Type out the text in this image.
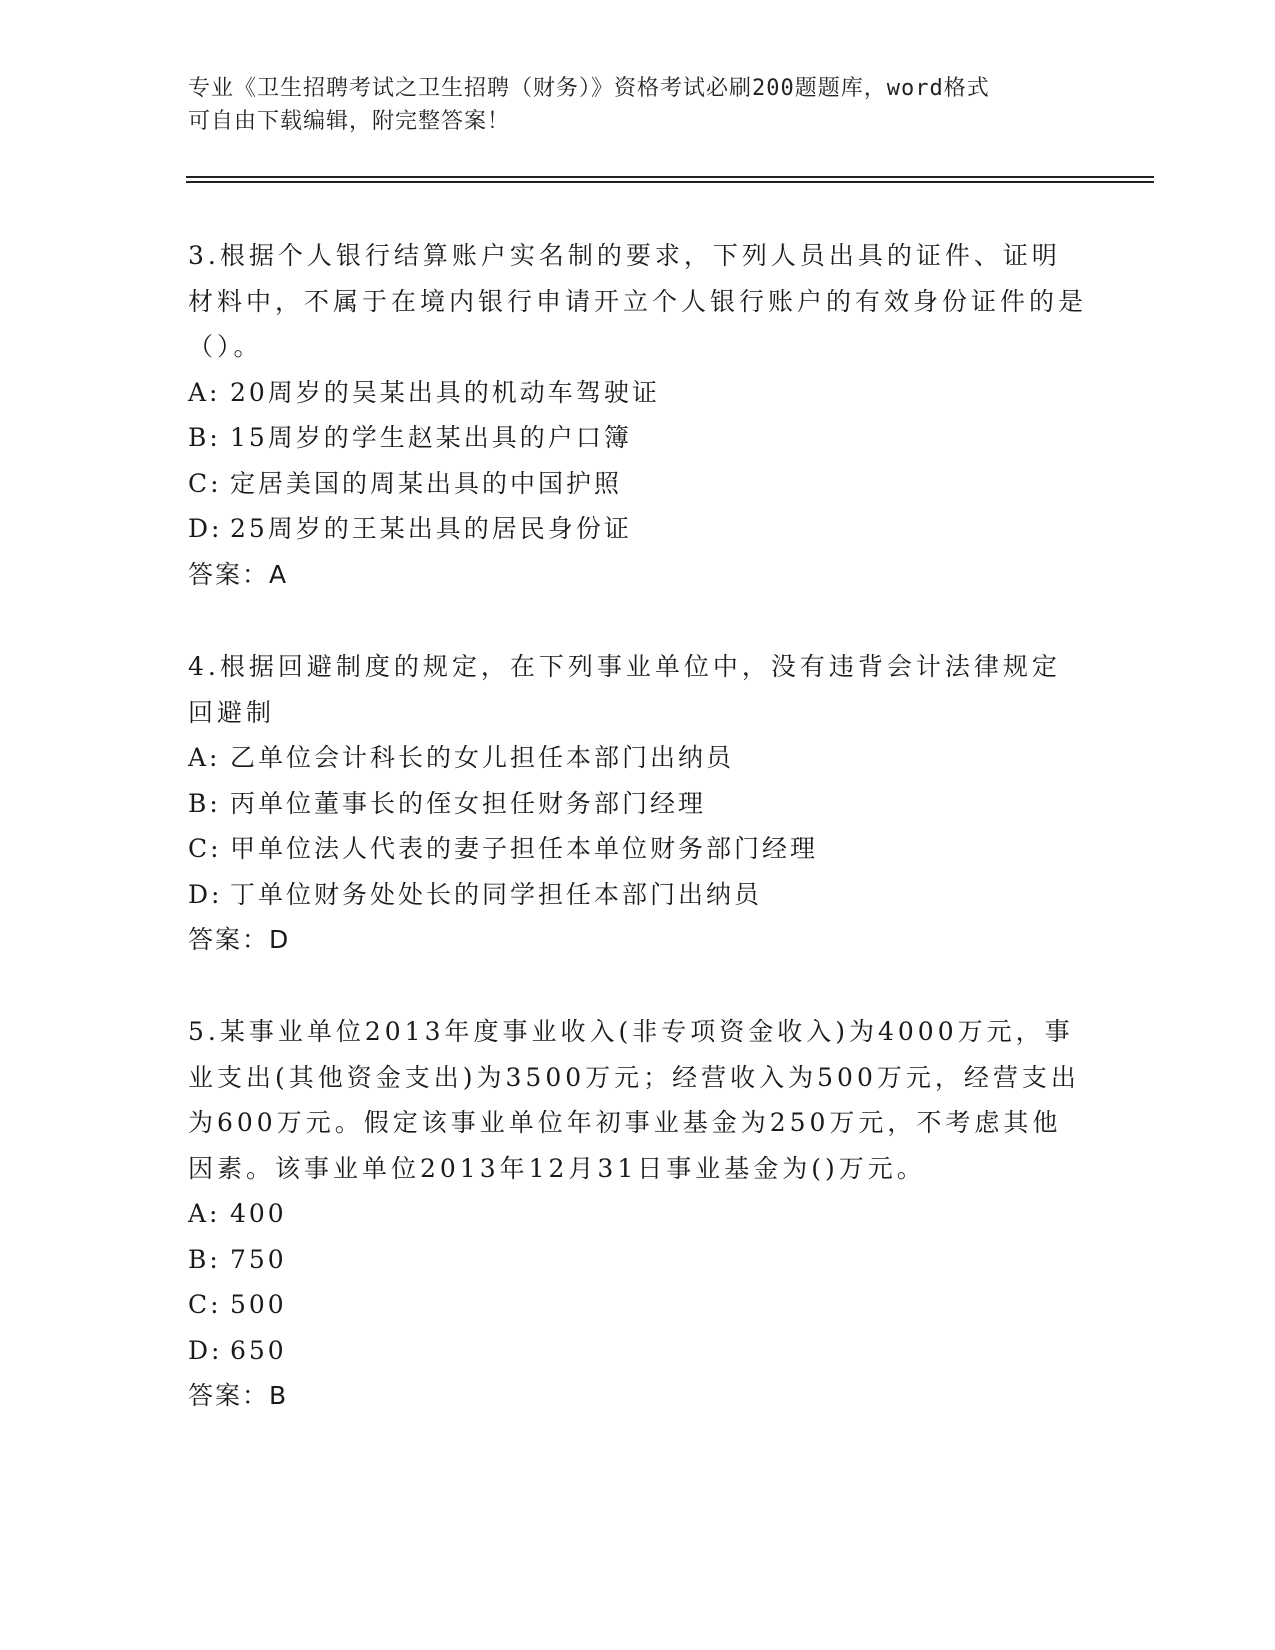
专业《卫生招聘考试之卫生招聘（财务）》资格考试必刷200题题库，word格式
可自由下载编辑，附完整答案！

3.根据个人银行结算账户实名制的要求，下列人员出具的证件、证明材料中，不属于在境内银行申请开立个人银行账户的有效身份证件的是（）。

A: 20周岁的吴某出具的机动车驾驶证

B: 15周岁的学生赵某出具的户口簿

C: 定居美国的周某出具的中国护照

D: 25周岁的王某出具的居民身份证

答案：A

4.根据回避制度的规定，在下列事业单位中，没有违背会计法律规定回避制

A: 乙单位会计科长的女儿担任本部门出纳员

B: 丙单位董事长的侄女担任财务部门经理

C: 甲单位法人代表的妻子担任本单位财务部门经理

D: 丁单位财务处处长的同学担任本部门出纳员

答案：D

5.某事业单位2013年度事业收入(非专项资金收入)为4000万元，事业支出(其他资金支出)为3500万元；经营收入为500万元，经营支出为600万元。假定该事业单位年初事业基金为250万元，不考虑其他因素。该事业单位2013年12月31日事业基金为()万元。

A: 400

B: 750

C: 500

D: 650

答案：B
